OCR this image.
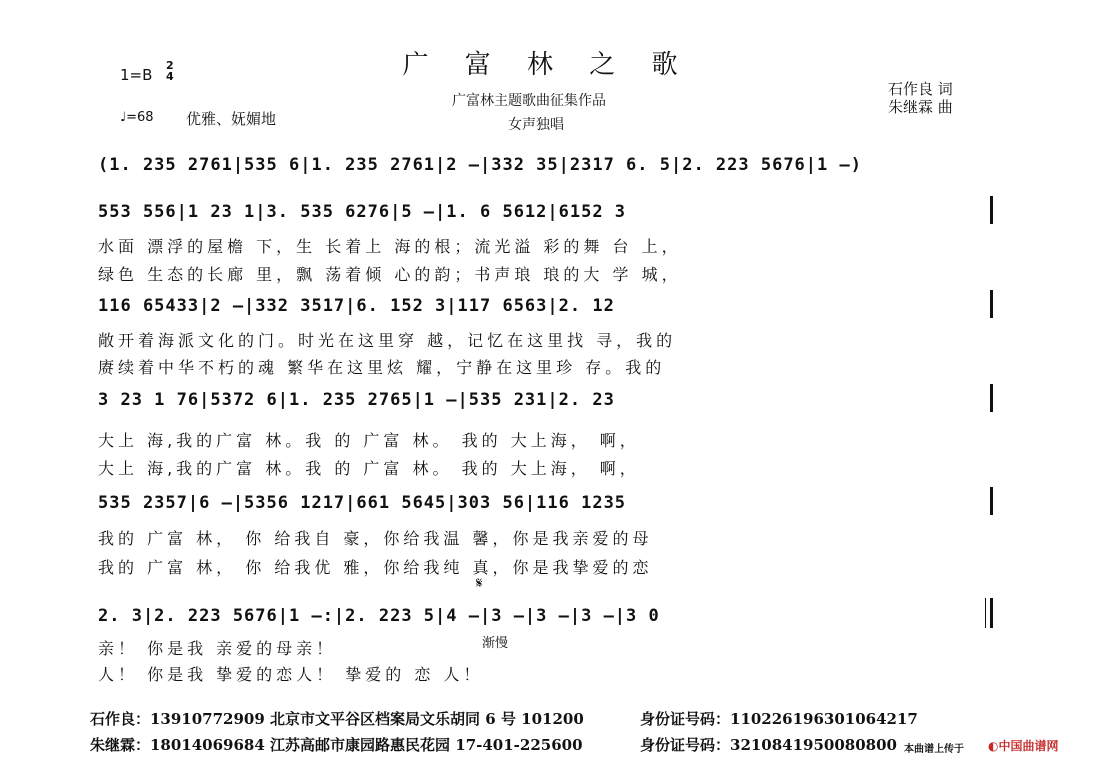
广 富 林 之 歌
1=B
2
4
♩=68 优雅、妩媚地
广富林主题歌曲征集作品
女声独唱
石作良 词
朱继霖 曲
(1. 235 2761|535 6|1. 235 2761|2 –|332 35|2317 6. 5|2. 223 5676|1 –)
553 556|1 23 1|3. 535 6276|5 –|1. 6 5612|6152 3
水面 漂浮的屋檐 下，生 长着上 海的根；流光溢 彩的舞 台 上，
绿色 生态的长廊 里，飘 荡着倾 心的韵；书声琅 琅的大 学 城，
116 65433|2 –|332 3517|6. 152 3|117 6563|2. 12
敞开着海派文化的门。时光在这里穿 越，记忆在这里找 寻，我的
赓续着中华不朽的魂 繁华在这里炫 耀，宁静在这里珍 存。我的
3 23 1 76|5372 6|1. 235 2765|1 –|535 231|2. 23
大上 海,我的广富 林。我 的 广富 林。 我的 大上海， 啊，
大上 海,我的广富 林。我 的 广富 林。 我的 大上海， 啊，
535 2357|6 –|5356 1217|661 5645|303 56|116 1235
我的 广富 林， 你 给我自 豪，你给我温 馨，你是我亲爱的母
我的 广富 林， 你 给我优 雅，你给我纯 真，你是我挚爱的恋
𝄋
2. 3|2. 223 5676|1 –:|2. 223 5|4 –|3 –|3 –|3 –|3 0
渐慢
亲！ 你是我 亲爱的母亲！
人！ 你是我 挚爱的恋人！ 挚爱的 恋 人！
石作良：13910772909 北京市文平谷区档案局文乐胡同 6 号 101200	身份证号码：110226196301064217
朱继霖：18014069684 江苏高邮市康园路惠民花园 17-401-225600	身份证号码：3210841950080800 本曲谱上传于 ◐中国曲谱网
